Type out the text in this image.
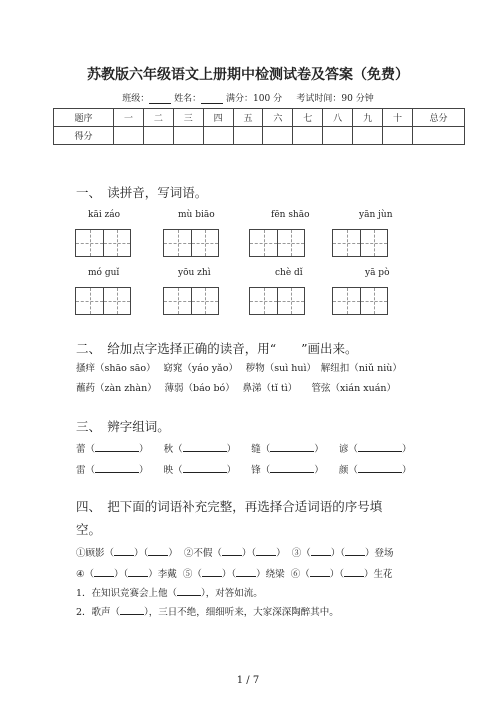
苏教版六年级语文上册期中检测试卷及答案（免费）
班级：	姓名：	满分：100 分 考试时间：90 分钟
题序	一	二	三	四	五	六	七	八	九	十	总分
得分											
一、　读拼音，写词语。
kāi záo	mù biāo	fēn shāo	yān jùn
mó guǐ	yōu zhì	chè dǐ	yā pò
二、　给加点字选择正确的读音，用“　　”画出来。
搔痒（shāo sāo）　 窈窕（yáo yǎo）　 秽物（suì huì）　解纽扣（niǔ niù）
蘸药（zàn zhàn）　 薄弱（báo bó）　 鼻涕（tǐ tì）　　管弦（xián xuán）
三、　辨字组词。
蕾（	） 秋（	） 缝（	） 谚（	）
雷（	） 映（	） 锋（	） 颜（	）
四、　把下面的词语补充完整，再选择合适词语的序号填
空。
①顾影（ ）（ ） ②不假（ ）（ ） ③（ ）（ ）登场
④（ ）（ ）李戴 ⑤（ ）（ ）绕梁 ⑥（ ）（ ）生花
1．在知识竞赛会上他（	），对答如流。
2．歌声（	），三日不绝，细细听来，大家深深陶醉其中。
1 / 7
